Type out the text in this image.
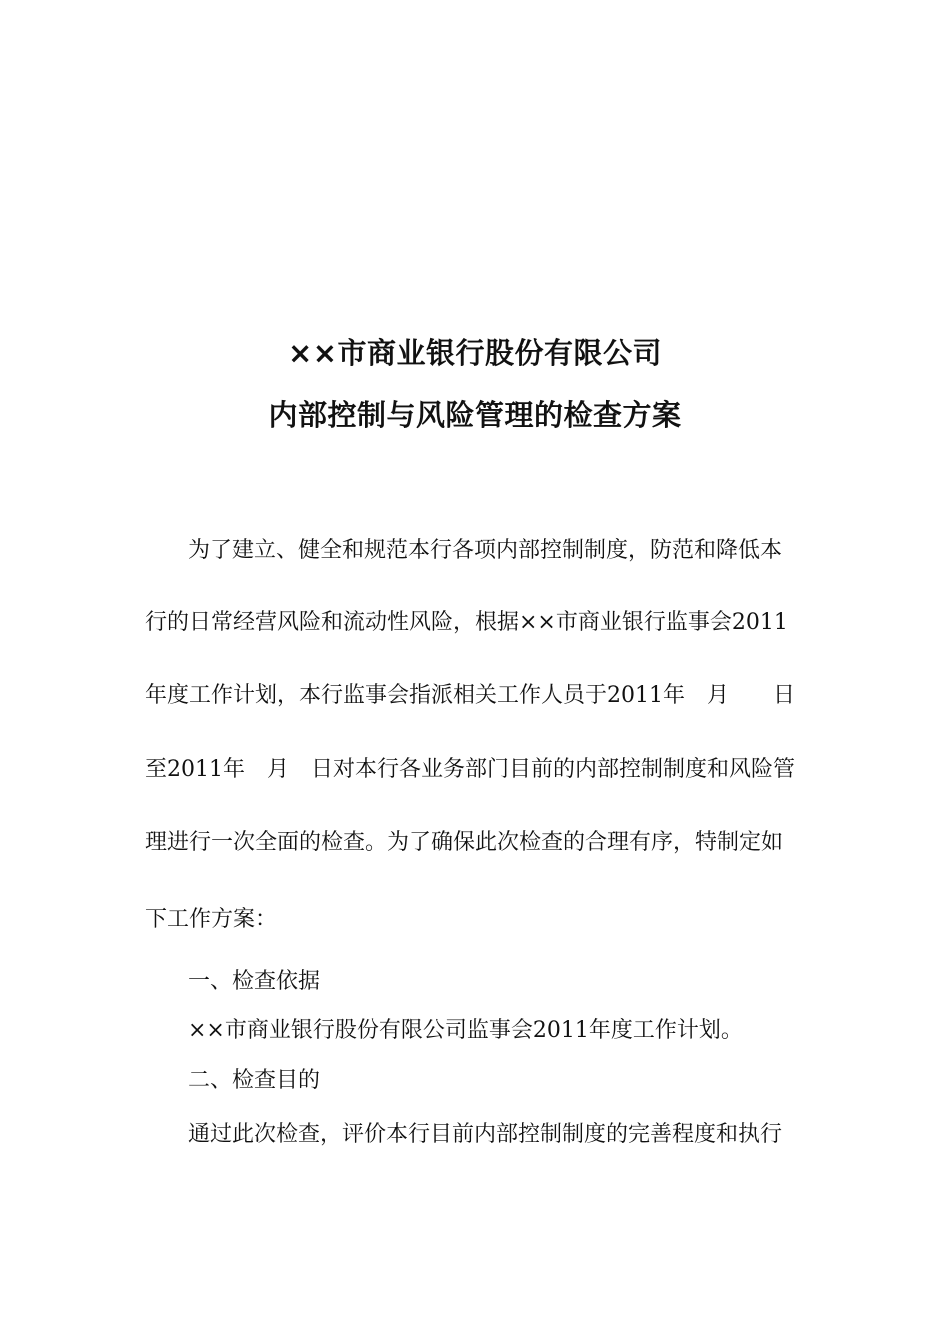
××市商业银行股份有限公司
内部控制与风险管理的检查方案
为了建立、健全和规范本行各项内部控制制度，防范和降低本
行的日常经营风险和流动性风险，根据××市商业银行监事会2011
年度工作计划，本行监事会指派相关工作人员于2011年　月　　日
至2011年　月　日对本行各业务部门目前的内部控制制度和风险管
理进行一次全面的检查。为了确保此次检查的合理有序，特制定如
下工作方案：
一、检查依据
××市商业银行股份有限公司监事会2011年度工作计划。
二、检查目的
通过此次检查，评价本行目前内部控制制度的完善程度和执行
